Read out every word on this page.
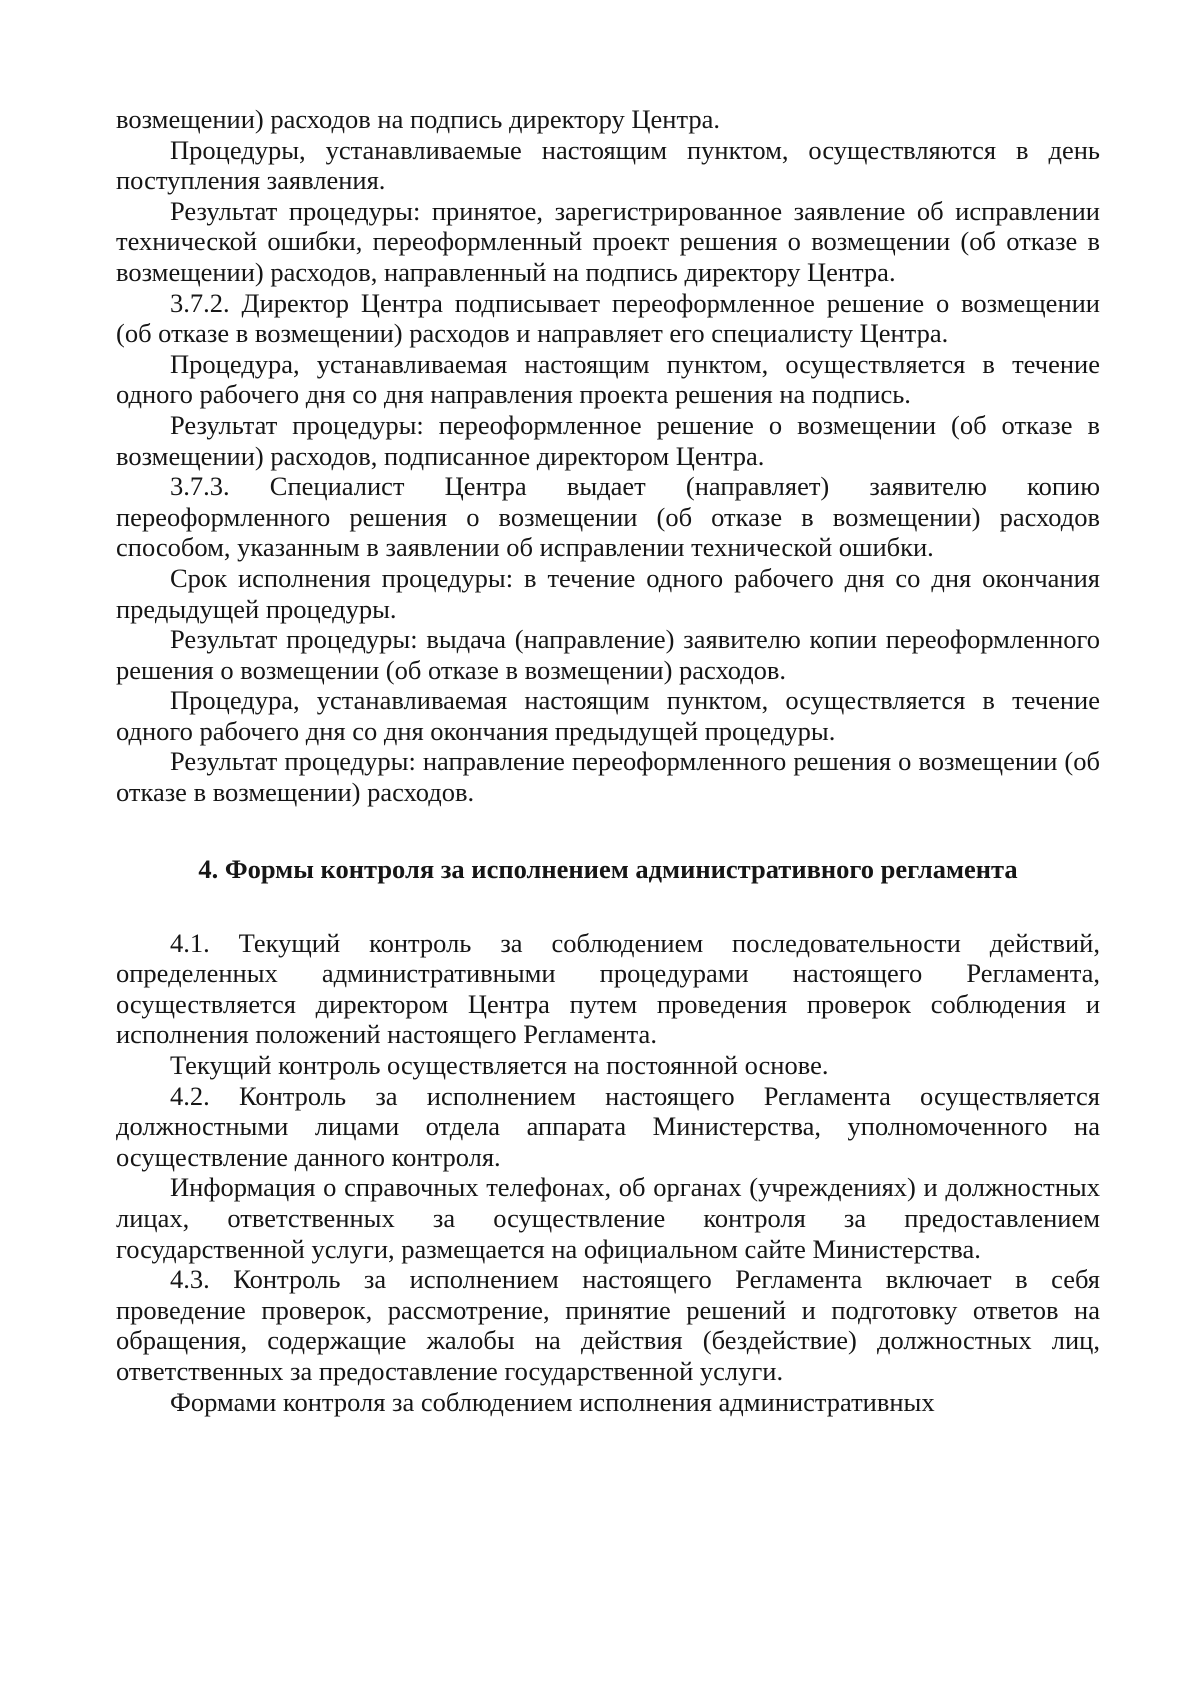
возмещении) расходов на подпись директору Центра.

Процедуры, устанавливаемые настоящим пунктом, осуществляются в день поступления заявления.

Результат процедуры: принятое, зарегистрированное заявление об исправлении технической ошибки, переоформленный проект решения о возмещении (об отказе в возмещении) расходов, направленный на подпись директору Центра.

3.7.2. Директор Центра подписывает переоформленное решение о возмещении (об отказе в возмещении) расходов и направляет его специалисту Центра.

Процедура, устанавливаемая настоящим пунктом, осуществляется в течение одного рабочего дня со дня направления проекта решения на подпись.

Результат процедуры: переоформленное решение о возмещении (об отказе в возмещении) расходов, подписанное директором Центра.

3.7.3. Специалист Центра выдает (направляет) заявителю копию переоформленного решения о возмещении (об отказе в возмещении) расходов способом, указанным в заявлении об исправлении технической ошибки.

Срок исполнения процедуры: в течение одного рабочего дня со дня окончания предыдущей процедуры.

Результат процедуры: выдача (направление) заявителю копии переоформленного решения о возмещении (об отказе в возмещении) расходов.

Процедура, устанавливаемая настоящим пунктом, осуществляется в течение одного рабочего дня со дня окончания предыдущей процедуры.

Результат процедуры: направление переоформленного решения о возмещении (об отказе в возмещении) расходов.

4. Формы контроля за исполнением административного регламента

4.1. Текущий контроль за соблюдением последовательности действий, определенных административными процедурами настоящего Регламента, осуществляется директором Центра путем проведения проверок соблюдения и исполнения положений настоящего Регламента.

Текущий контроль осуществляется на постоянной основе.

4.2. Контроль за исполнением настоящего Регламента осуществляется должностными лицами отдела аппарата Министерства, уполномоченного на осуществление данного контроля.

Информация о справочных телефонах, об органах (учреждениях) и должностных лицах, ответственных за осуществление контроля за предоставлением государственной услуги, размещается на официальном сайте Министерства.

4.3. Контроль за исполнением настоящего Регламента включает в себя проведение проверок, рассмотрение, принятие решений и подготовку ответов на обращения, содержащие жалобы на действия (бездействие) должностных лиц, ответственных за предоставление государственной услуги.

Формами контроля за соблюдением исполнения административных
